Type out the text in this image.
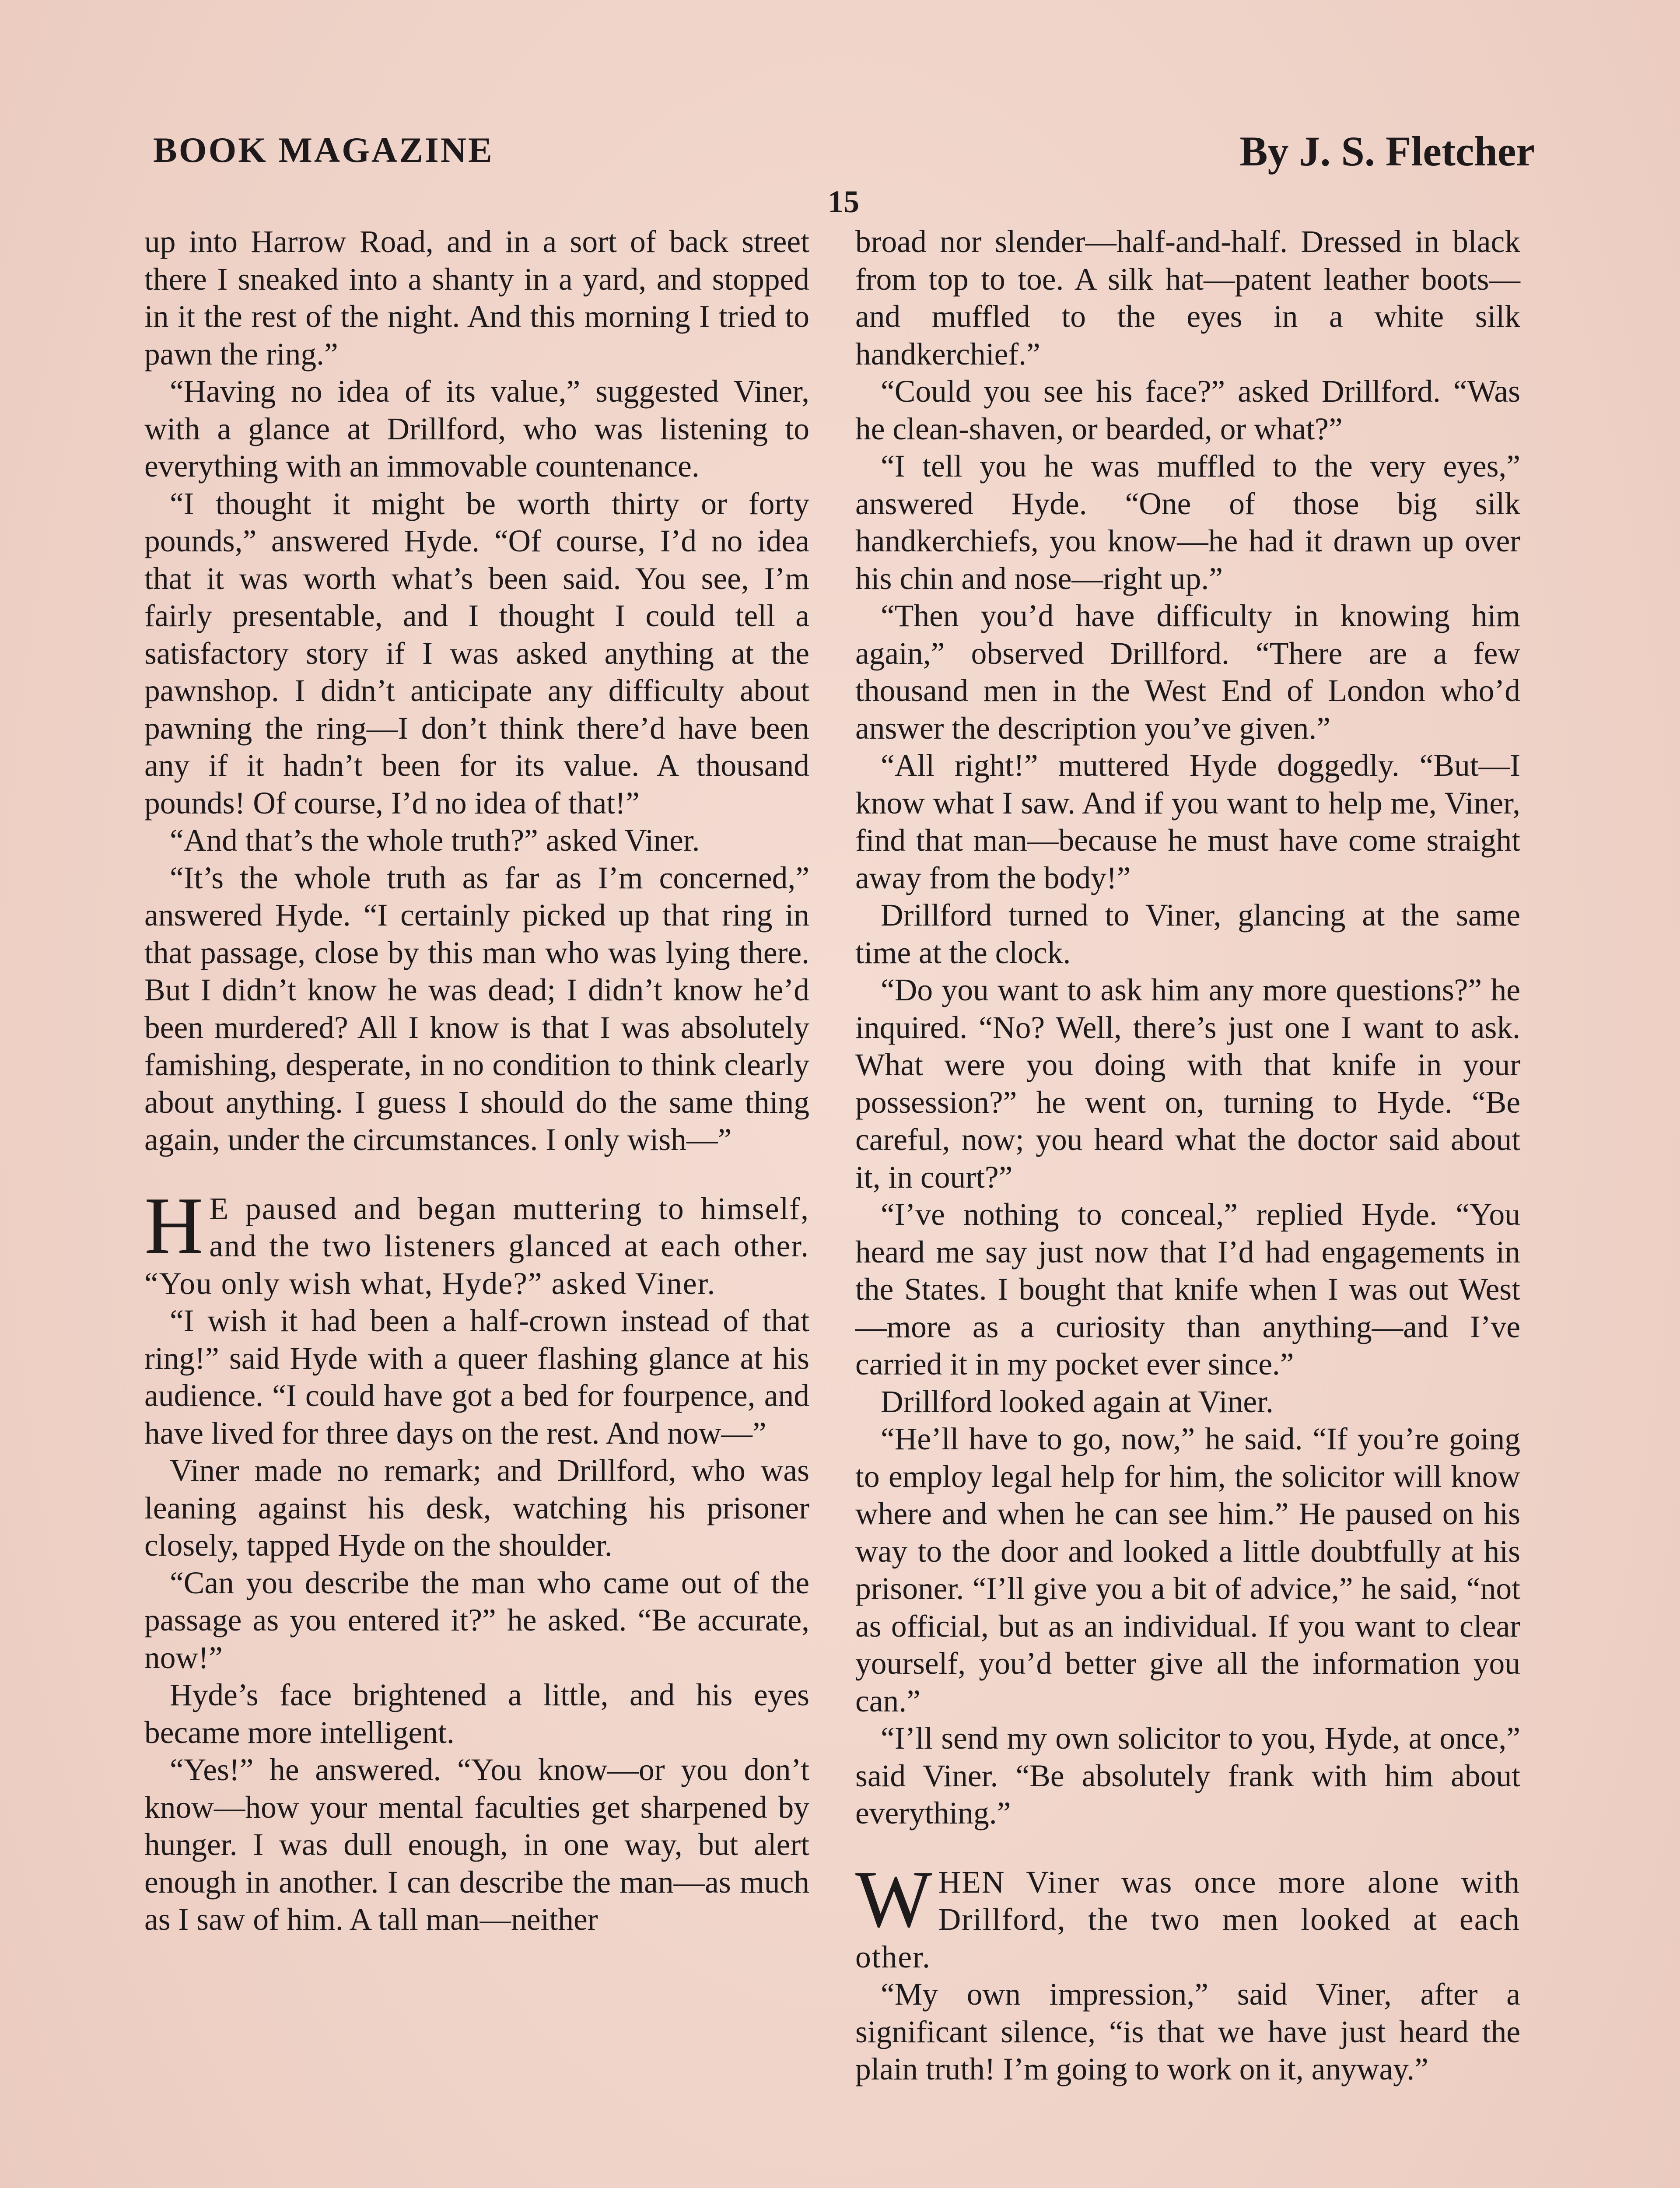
BOOK MAGAZINE	By J. S. Fletcher
15

up into Harrow Road, and in a sort of back street there I sneaked into a shanty in a yard, and stopped in it the rest of the night. And this morning I tried to pawn the ring.”

“Having no idea of its value,” suggested Viner, with a glance at Drillford, who was listening to everything with an immovable countenance.

“I thought it might be worth thirty or forty pounds,” answered Hyde. “Of course, I’d no idea that it was worth what’s been said. You see, I’m fairly presentable, and I thought I could tell a satisfactory story if I was asked anything at the pawnshop. I didn’t anticipate any difficulty about pawning the ring—I don’t think there’d have been any if it hadn’t been for its value. A thousand pounds! Of course, I’d no idea of that!”

“And that’s the whole truth?” asked Viner.

“It’s the whole truth as far as I’m concerned,” answered Hyde. “I certainly picked up that ring in that passage, close by this man who was lying there. But I didn’t know he was dead; I didn’t know he’d been murdered? All I know is that I was absolutely famishing, desperate, in no condition to think clearly about anything. I guess I should do the same thing again, under the circumstances. I only wish—”

H E paused and began muttering to himself, and the two listeners glanced at each other. “You only wish what, Hyde?” asked Viner.

“I wish it had been a half-crown instead of that ring!” said Hyde with a queer flashing glance at his audience. “I could have got a bed for fourpence, and have lived for three days on the rest. And now—”

Viner made no remark; and Drillford, who was leaning against his desk, watching his prisoner closely, tapped Hyde on the shoulder.

“Can you describe the man who came out of the passage as you entered it?” he asked. “Be accurate, now!”

Hyde’s face brightened a little, and his eyes became more intelligent.

“Yes!” he answered. “You know—or you don’t know—how your mental faculties get sharpened by hunger. I was dull enough, in one way, but alert enough in another. I can describe the man—as much as I saw of him. A tall man—neither

broad nor slender—half-and-half. Dressed in black from top to toe. A silk hat—patent leather boots—and muffled to the eyes in a white silk handkerchief.”

“Could you see his face?” asked Drillford. “Was he clean-shaven, or bearded, or what?”

“I tell you he was muffled to the very eyes,” answered Hyde. “One of those big silk handkerchiefs, you know—he had it drawn up over his chin and nose—right up.”

“Then you’d have difficulty in knowing him again,” observed Drillford. “There are a few thousand men in the West End of London who’d answer the description you’ve given.”

“All right!” muttered Hyde doggedly. “But—I know what I saw. And if you want to help me, Viner, find that man—because he must have come straight away from the body!”

Drillford turned to Viner, glancing at the same time at the clock.

“Do you want to ask him any more questions?” he inquired. “No? Well, there’s just one I want to ask. What were you doing with that knife in your possession?” he went on, turning to Hyde. “Be careful, now; you heard what the doctor said about it, in court?”

“I’ve nothing to conceal,” replied Hyde. “You heard me say just now that I’d had engagements in the States. I bought that knife when I was out West—more as a curiosity than anything—and I’ve carried it in my pocket ever since.”

Drillford looked again at Viner.

“He’ll have to go, now,” he said. “If you’re going to employ legal help for him, the solicitor will know where and when he can see him.” He paused on his way to the door and looked a little doubtfully at his prisoner. “I’ll give you a bit of advice,” he said, “not as official, but as an individual. If you want to clear yourself, you’d better give all the information you can.”

“I’ll send my own solicitor to you, Hyde, at once,” said Viner. “Be absolutely frank with him about everything.”

WHEN Viner was once more alone with Drillford, the two men looked at each other.

“My own impression,” said Viner, after a significant silence, “is that we have just heard the plain truth! I’m going to work on it, anyway.”
